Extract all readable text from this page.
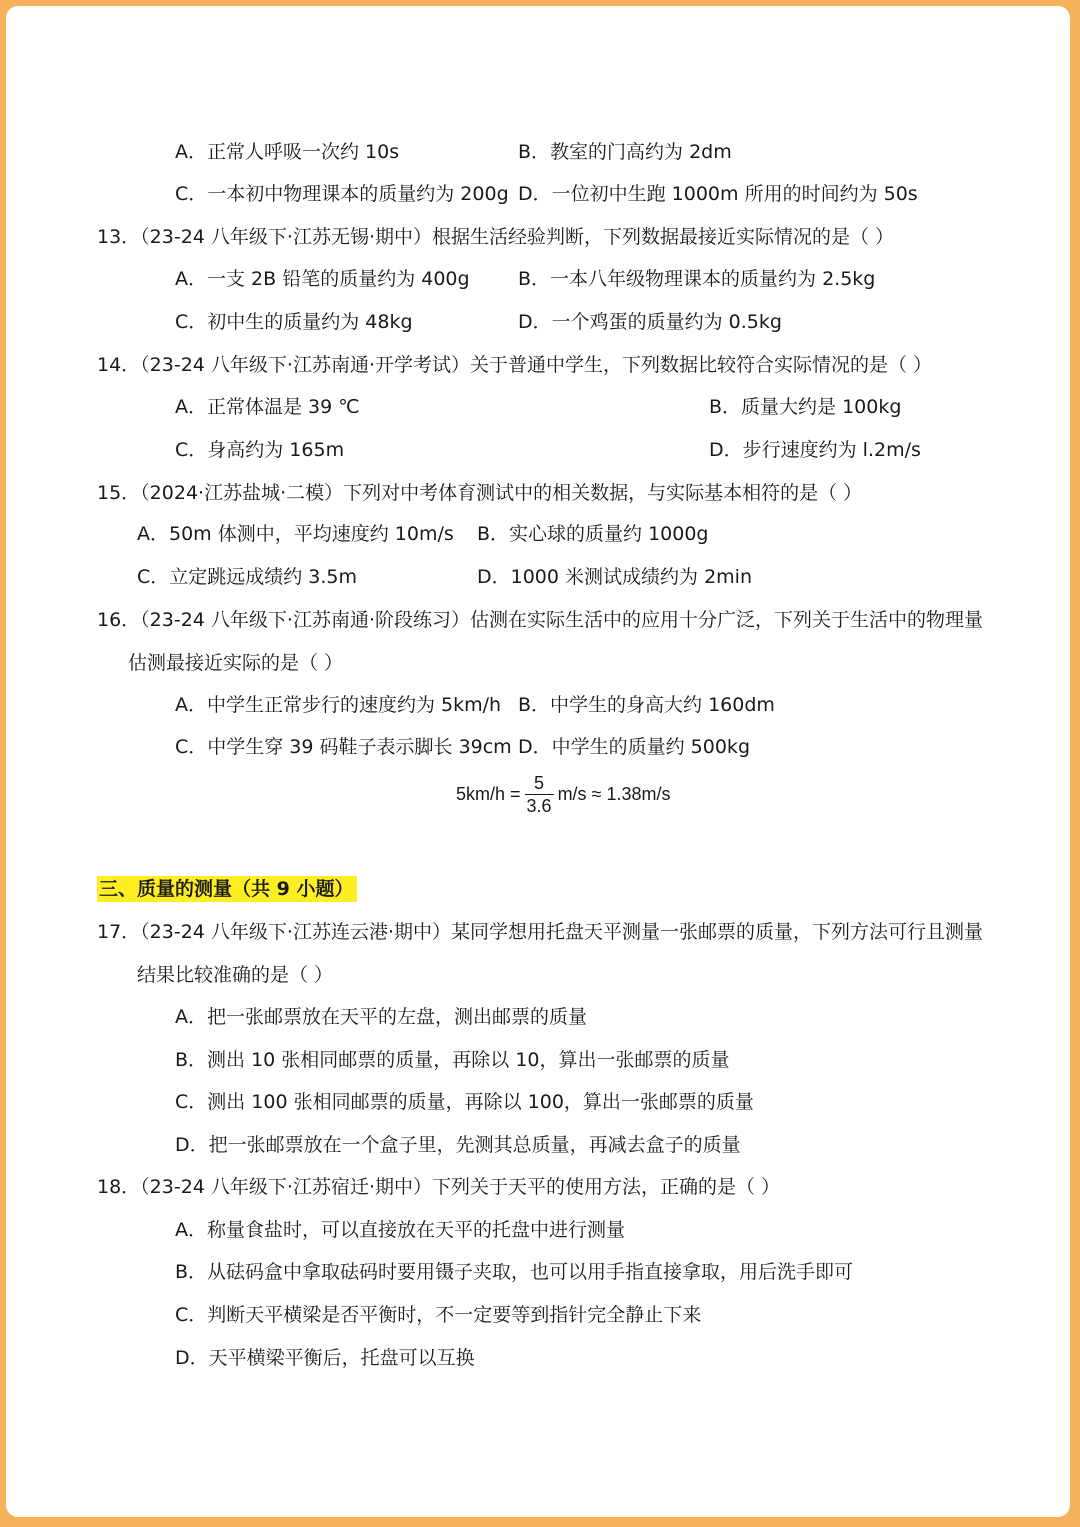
A．正常人呼吸一次约 10s	B．教室的门高约为 2dm
C．一本初中物理课本的质量约为 200g D．一位初中生跑 1000m 所用的时间约为 50s
13．（23-24 八年级下·江苏无锡·期中）根据生活经验判断，下列数据最接近实际情况的是（ ）
A．一支 2B 铅笔的质量约为 400g	B．一本八年级物理课本的质量约为 2.5kg
C．初中生的质量约为 48kg	D．一个鸡蛋的质量约为 0.5kg
14．（23-24 八年级下·江苏南通·开学考试）关于普通中学生，下列数据比较符合实际情况的是（ ）
A．正常体温是 39 ℃	B．质量大约是 100kg
C．身高约为 165m	D．步行速度约为 l.2m/s
15．（2024·江苏盐城·二模）下列对中考体育测试中的相关数据，与实际基本相符的是（ ）
A．50m 体测中，平均速度约 10m/s B．实心球的质量约 1000g
C．立定跳远成绩约 3.5m	D．1000 米测试成绩约为 2min
16．（23-24 八年级下·江苏南通·阶段练习）估测在实际生活中的应用十分广泛，下列关于生活中的物理量
估测最接近实际的是（ ）
A．中学生正常步行的速度约为 5km/h B．中学生的身高大约 160dm
C．中学生穿 39 码鞋子表示脚长 39cm D．中学生的质量约 500kg
$5km/h = \frac{5}{3.6} m/s \approx 1.38m/s$
三、质量的测量（共 9 小题）
17．（23-24 八年级下·江苏连云港·期中）某同学想用托盘天平测量一张邮票的质量，下列方法可行且测量
结果比较准确的是（ ）
A．把一张邮票放在天平的左盘，测出邮票的质量
B．测出 10 张相同邮票的质量，再除以 10，算出一张邮票的质量
C．测出 100 张相同邮票的质量，再除以 100，算出一张邮票的质量
D．把一张邮票放在一个盒子里，先测其总质量，再减去盒子的质量
18．（23-24 八年级下·江苏宿迁·期中）下列关于天平的使用方法，正确的是（ ）
A．称量食盐时，可以直接放在天平的托盘中进行测量
B．从砝码盒中拿取砝码时要用镊子夹取，也可以用手指直接拿取，用后洗手即可
C．判断天平横梁是否平衡时，不一定要等到指针完全静止下来
D．天平横梁平衡后，托盘可以互换
